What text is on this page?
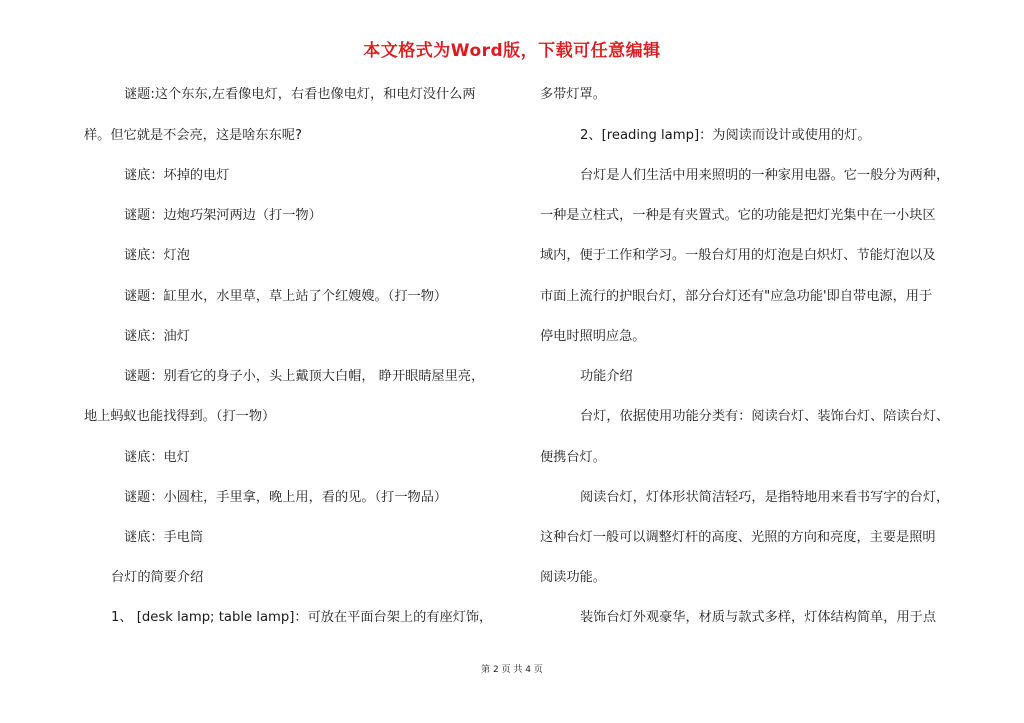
本文格式为Word版，下载可任意编辑
谜题:这个东东,左看像电灯，右看也像电灯，和电灯没什么两
样。但它就是不会亮，这是啥东东呢?
谜底：坏掉的电灯
谜题：边炮巧架河两边（打一物）
谜底：灯泡
谜题：缸里水，水里草，草上站了个红嫂嫂。（打一物）
谜底：油灯
谜题：别看它的身子小，头上戴顶大白帽， 睁开眼睛屋里亮，
地上蚂蚁也能找得到。（打一物）
谜底：电灯
谜题：小圆柱，手里拿，晚上用，看的见。（打一物品）
谜底：手电筒
台灯的简要介绍
1、 [desk lamp; table lamp]：可放在平面台架上的有座灯饰，
多带灯罩。
2、[reading lamp]：为阅读而设计或使用的灯。
台灯是人们生活中用来照明的一种家用电器。它一般分为两种，
一种是立柱式，一种是有夹置式。它的功能是把灯光集中在一小块区
域内，便于工作和学习。一般台灯用的灯泡是白炽灯、节能灯泡以及
市面上流行的护眼台灯，部分台灯还有"应急功能'即自带电源，用于
停电时照明应急。
功能介绍
台灯，依据使用功能分类有：阅读台灯、装饰台灯、陪读台灯、
便携台灯。
阅读台灯，灯体形状简洁轻巧，是指特地用来看书写字的台灯，
这种台灯一般可以调整灯杆的高度、光照的方向和亮度，主要是照明
阅读功能。
装饰台灯外观豪华，材质与款式多样，灯体结构简单，用于点
第 2 页 共 4 页
